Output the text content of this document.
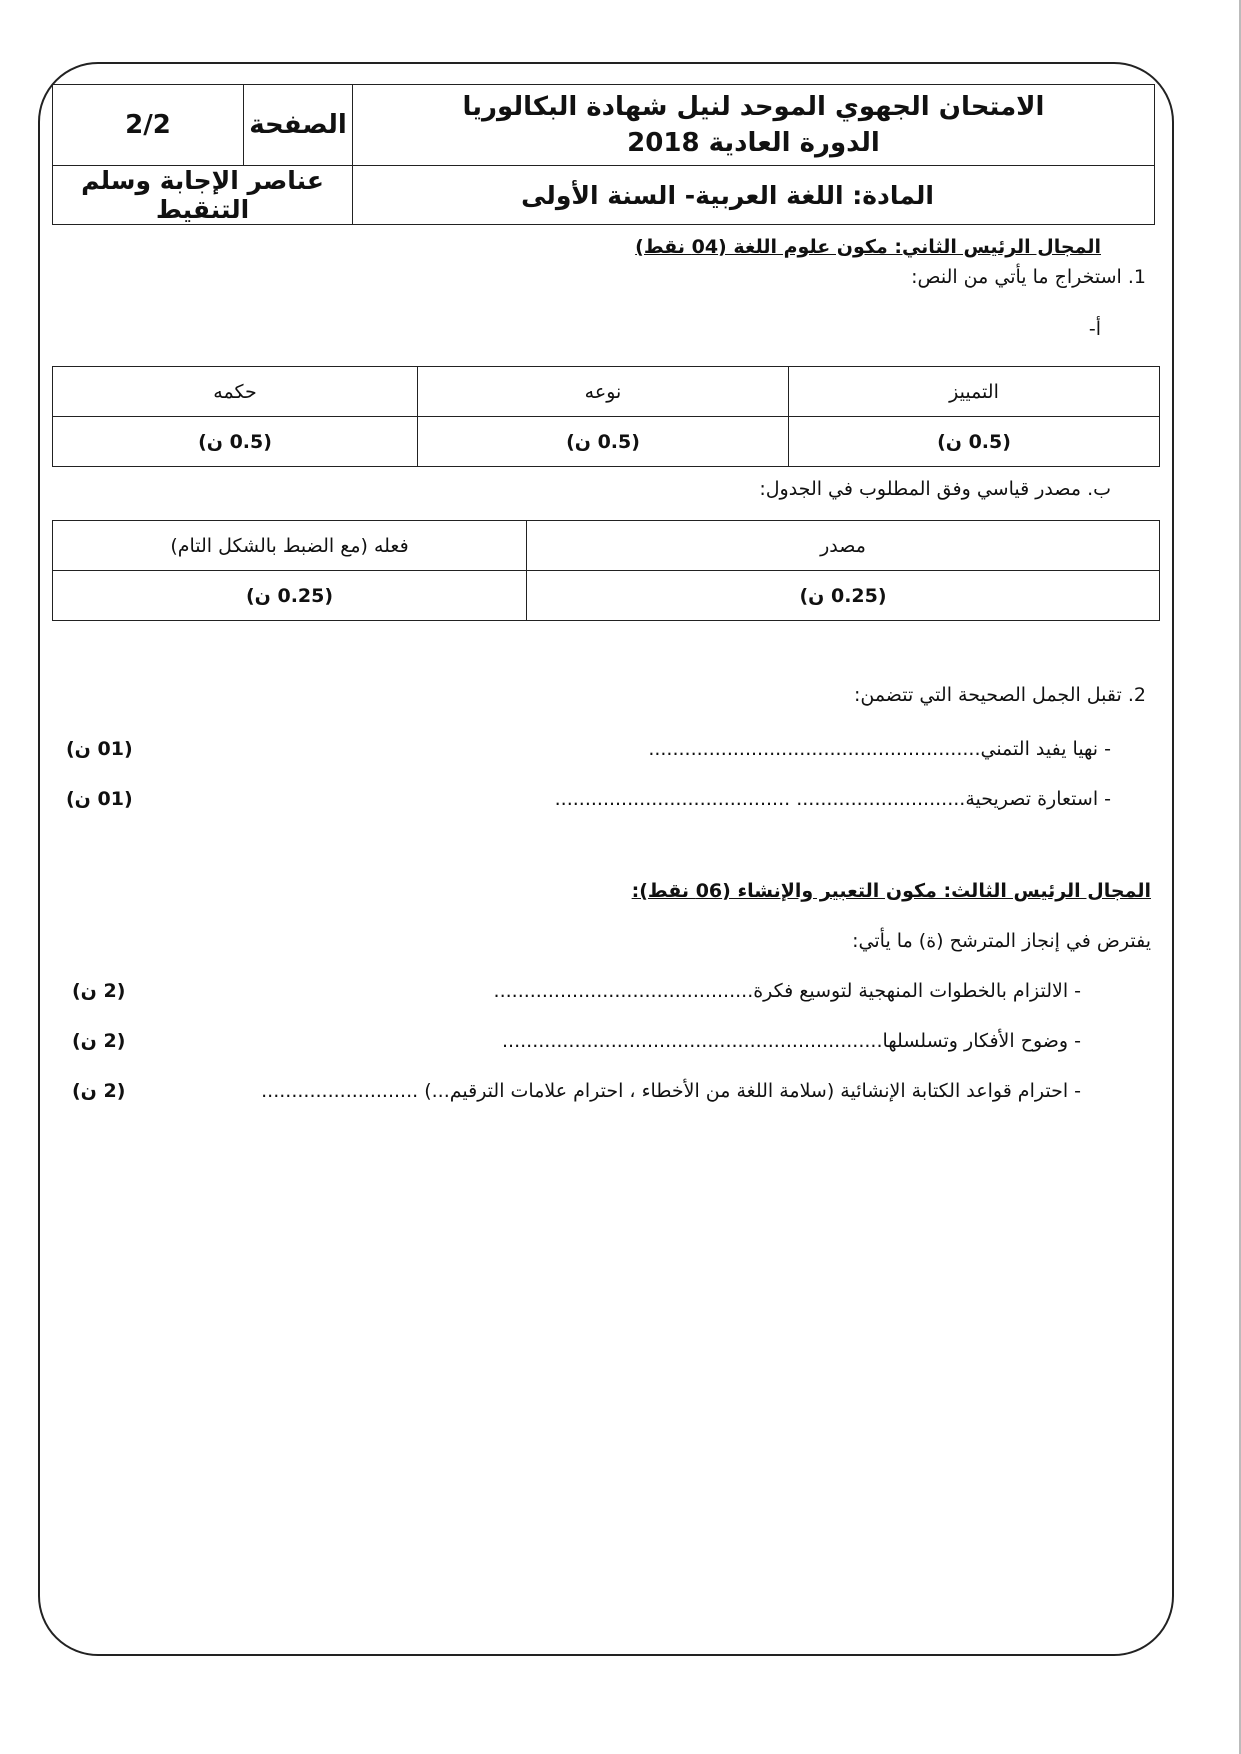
الامتحان الجهوي الموحد لنيل شهادة البكالوريا
الدورة العادية 2018	الصفحة	2/2
المادة: اللغة العربية- السنة الأولى	عناصر الإجابة وسلم التنقيط	
المجال الرئيس الثاني: مكون علوم اللغة (04 نقط)
1. استخراج ما يأتي من النص:
أ-
التمييز	نوعه	حكمه
(0.5 ن)	(0.5 ن)	(0.5 ن)
ب. مصدر قياسي وفق المطلوب في الجدول:
مصدر	فعله (مع الضبط بالشكل التام)
(0.25 ن)	(0.25 ن)
2. تقبل الجمل الصحيحة التي تتضمن:
- نهيا يفيد التمني.......................................................
(01 ن)
- استعارة تصريحية............................ .......................................
(01 ن)
المجال الرئيس الثالث: مكون التعبير والإنشاء (06 نقط):
يفترض في إنجاز المترشح (ة) ما يأتي:
- الالتزام بالخطوات المنهجية لتوسيع فكرة...........................................
(2 ن)
- وضوح الأفكار وتسلسلها...............................................................
(2 ن)
- احترام قواعد الكتابة الإنشائية (سلامة اللغة من الأخطاء ، احترام علامات الترقيم...) ..........................
(2 ن)
